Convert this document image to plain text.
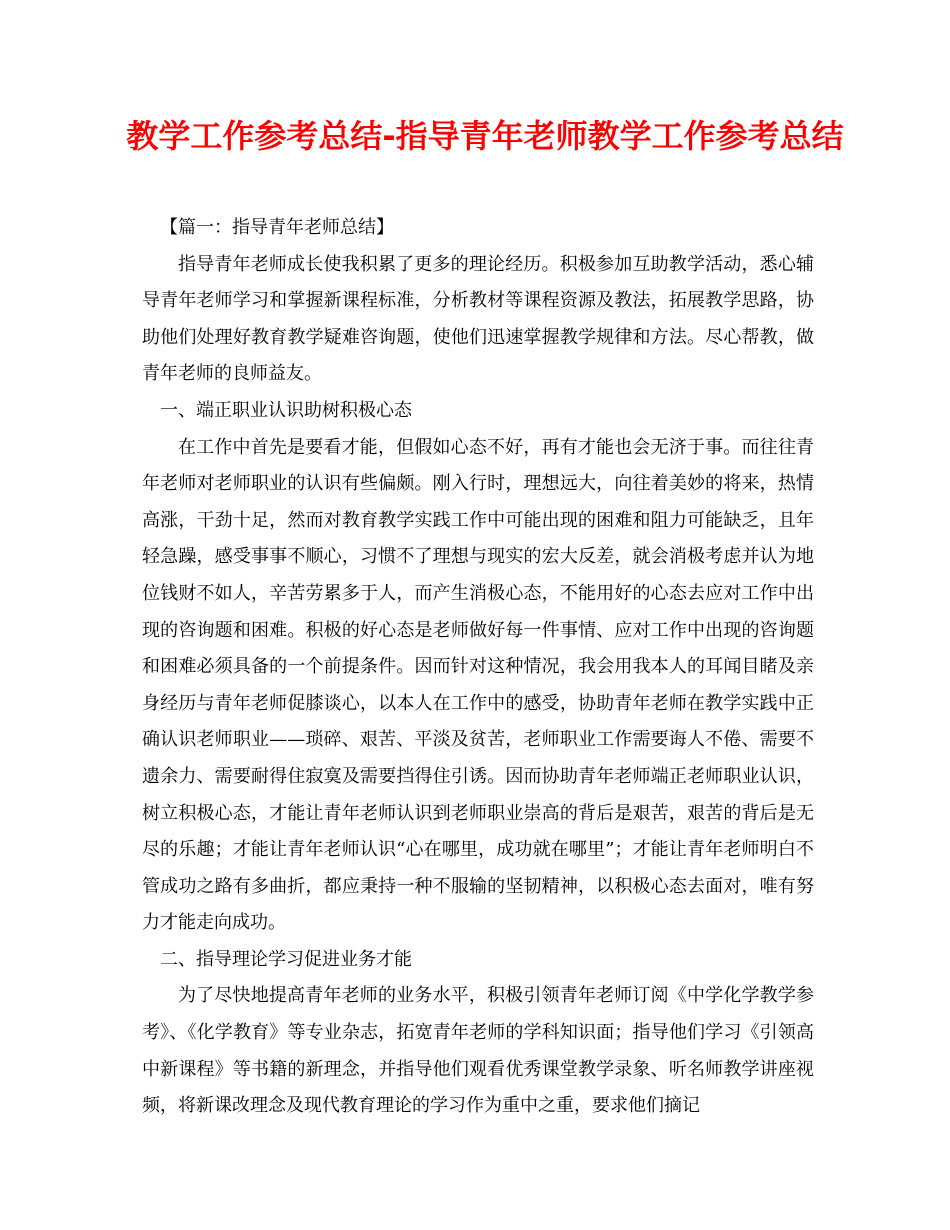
教学工作参考总结-指导青年老师教学工作参考总结

【篇一：指导青年老师总结】

指导青年老师成长使我积累了更多的理论经历。积极参加互助教学活动，悉心辅导青年老师学习和掌握新课程标准，分析教材等课程资源及教法，拓展教学思路，协助他们处理好教育教学疑难咨询题，使他们迅速掌握教学规律和方法。尽心帮教，做青年老师的良师益友。

一、端正职业认识助树积极心态

在工作中首先是要看才能，但假如心态不好，再有才能也会无济于事。而往往青年老师对老师职业的认识有些偏颇。刚入行时，理想远大，向往着美妙的将来，热情高涨，干劲十足，然而对教育教学实践工作中可能出现的困难和阻力可能缺乏，且年轻急躁，感受事事不顺心，习惯不了理想与现实的宏大反差，就会消极考虑并认为地位钱财不如人，辛苦劳累多于人，而产生消极心态，不能用好的心态去应对工作中出现的咨询题和困难。积极的好心态是老师做好每一件事情、应对工作中出现的咨询题和困难必须具备的一个前提条件。因而针对这种情况，我会用我本人的耳闻目睹及亲身经历与青年老师促膝谈心，以本人在工作中的感受，协助青年老师在教学实践中正确认识老师职业——琐碎、艰苦、平淡及贫苦，老师职业工作需要诲人不倦、需要不遗余力、需要耐得住寂寞及需要挡得住引诱。因而协助青年老师端正老师职业认识，树立积极心态，才能让青年老师认识到老师职业崇高的背后是艰苦，艰苦的背后是无尽的乐趣；才能让青年老师认识“心在哪里，成功就在哪里”；才能让青年老师明白不管成功之路有多曲折，都应秉持一种不服输的坚韧精神，以积极心态去面对，唯有努力才能走向成功。

二、指导理论学习促进业务才能

为了尽快地提高青年老师的业务水平，积极引领青年老师订阅《中学化学教学参考》、《化学教育》等专业杂志，拓宽青年老师的学科知识面；指导他们学习《引领高中新课程》等书籍的新理念，并指导他们观看优秀课堂教学录象、听名师教学讲座视频，将新课改理念及现代教育理论的学习作为重中之重，要求他们摘记
